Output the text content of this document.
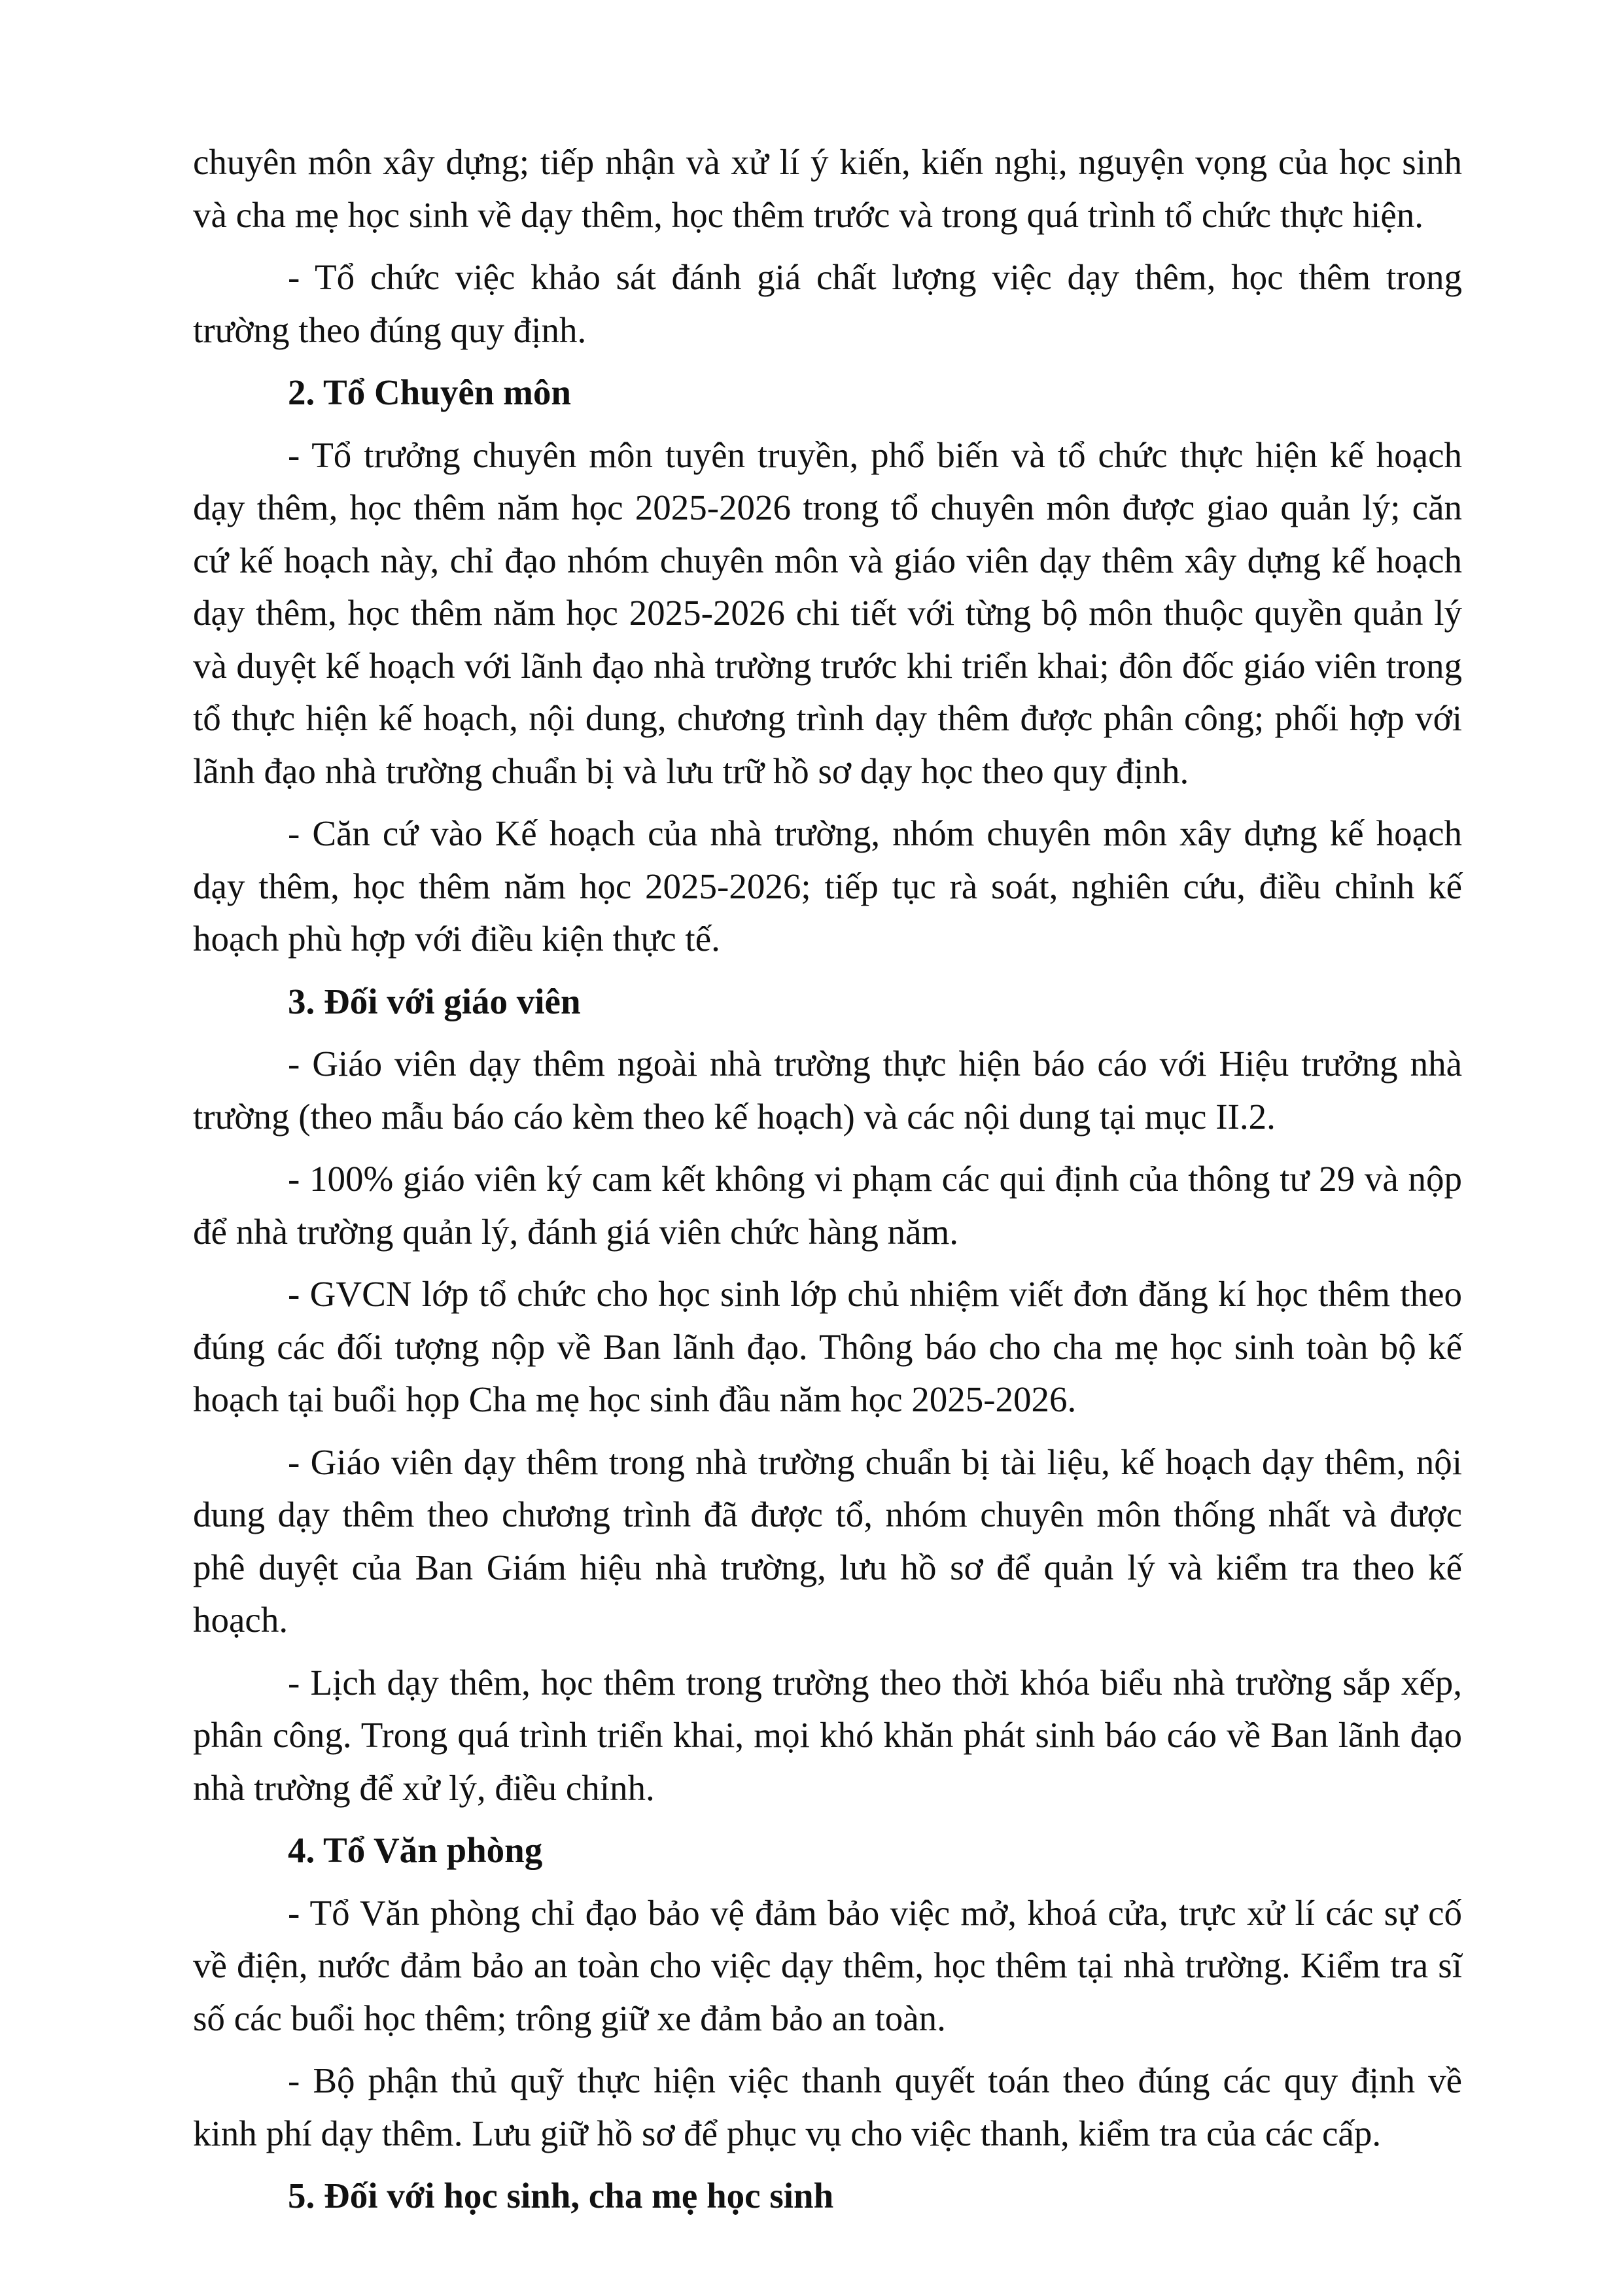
chuyên môn xây dựng; tiếp nhận và xử lí ý kiến, kiến nghị, nguyện vọng của học sinh và cha mẹ học sinh về dạy thêm, học thêm trước và trong quá trình tổ chức thực hiện.

- Tổ chức việc khảo sát đánh giá chất lượng việc dạy thêm, học thêm trong trường theo đúng quy định.

2. Tổ Chuyên môn

- Tổ trưởng chuyên môn tuyên truyền, phổ biến và tổ chức thực hiện kế hoạch dạy thêm, học thêm năm học 2025-2026 trong tổ chuyên môn được giao quản lý; căn cứ kế hoạch này, chỉ đạo nhóm chuyên môn và giáo viên dạy thêm xây dựng kế hoạch dạy thêm, học thêm năm học 2025-2026 chi tiết với từng bộ môn thuộc quyền quản lý và duyệt kế hoạch với lãnh đạo nhà trường trước khi triển khai; đôn đốc giáo viên trong tổ thực hiện kế hoạch, nội dung, chương trình dạy thêm được phân công; phối hợp với lãnh đạo nhà trường chuẩn bị và lưu trữ hồ sơ dạy học theo quy định.

- Căn cứ vào Kế hoạch của nhà trường, nhóm chuyên môn xây dựng kế hoạch dạy thêm, học thêm năm học 2025-2026; tiếp tục rà soát, nghiên cứu, điều chỉnh kế hoạch phù hợp với điều kiện thực tế.

3. Đối với giáo viên

- Giáo viên dạy thêm ngoài nhà trường thực hiện báo cáo với Hiệu trưởng nhà trường (theo mẫu báo cáo kèm theo kế hoạch) và các nội dung tại mục II.2.

- 100% giáo viên ký cam kết không vi phạm các qui định của thông tư 29 và nộp để nhà trường quản lý, đánh giá viên chức hàng năm.

- GVCN lớp tổ chức cho học sinh lớp chủ nhiệm viết đơn đăng kí học thêm theo đúng các đối tượng nộp về Ban lãnh đạo. Thông báo cho cha mẹ học sinh toàn bộ kế hoạch tại buổi họp Cha mẹ học sinh đầu năm học 2025-2026.

- Giáo viên dạy thêm trong nhà trường chuẩn bị tài liệu, kế hoạch dạy thêm, nội dung dạy thêm theo chương trình đã được tổ, nhóm chuyên môn thống nhất và được phê duyệt của Ban Giám hiệu nhà trường, lưu hồ sơ để quản lý và kiểm tra theo kế hoạch.

- Lịch dạy thêm, học thêm trong trường theo thời khóa biểu nhà trường sắp xếp, phân công. Trong quá trình triển khai, mọi khó khăn phát sinh báo cáo về Ban lãnh đạo nhà trường để xử lý, điều chỉnh.

4. Tổ Văn phòng

- Tổ Văn phòng chỉ đạo bảo vệ đảm bảo việc mở, khoá cửa, trực xử lí các sự cố về điện, nước đảm bảo an toàn cho việc dạy thêm, học thêm tại nhà trường. Kiểm tra sĩ số các buổi học thêm; trông giữ xe đảm bảo an toàn.

- Bộ phận thủ quỹ thực hiện việc thanh quyết toán theo đúng các quy định về kinh phí dạy thêm. Lưu giữ hồ sơ để phục vụ cho việc thanh, kiểm tra của các cấp.

5. Đối với học sinh, cha mẹ học sinh
